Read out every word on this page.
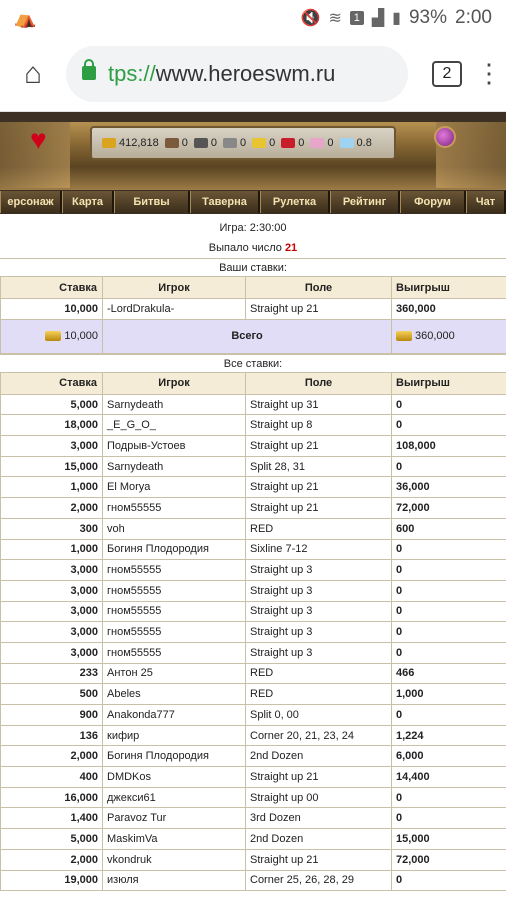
⛺	🔇 ≋	1 ▟ ▮ 93% 2:00
⌂	tps:// www.heroeswm.ru	2 ⋮
♥	412,818 0 0 0 0 0 0 0.8
ерсонаж	Карта	Битвы	Таверна	Рулетка	Рейтинг	Форум	Чат
Игра: 2:30:00
Выпало число 21
Ваши ставки:
Ставка	Игрок	Поле	Выигрыш
10,000	-LordDrakula-	Straight up 21	360,000
10,000	Всего		360,000
Все ставки:
Ставка	Игрок	Поле	Выигрыш
5,000	Sarnydeath	Straight up 31	0
18,000	_E_G_O_	Straight up 8	0
3,000	Подрыв-Устоев	Straight up 21	108,000
15,000	Sarnydeath	Split 28, 31	0
1,000	El Morya	Straight up 21	36,000
2,000	гном55555	Straight up 21	72,000
300	voh	RED	600
1,000	Богиня Плодородия	Sixline 7-12	0
3,000	гном55555	Straight up 3	0
3,000	гном55555	Straight up 3	0
3,000	гном55555	Straight up 3	0
3,000	гном55555	Straight up 3	0
3,000	гном55555	Straight up 3	0
233	Антон 25	RED	466
500	Abeles	RED	1,000
900	Anakonda777	Split 0, 00	0
136	кифир	Corner 20, 21, 23, 24	1,224
2,000	Богиня Плодородия	2nd Dozen	6,000
400	DMDKos	Straight up 21	14,400
16,000	джекси61	Straight up 00	0
1,400	Paravoz Tur	3rd Dozen	0
5,000	MaskimVa	2nd Dozen	15,000
2,000	vkondruk	Straight up 21	72,000
19,000	изюля	Corner 25, 26, 28, 29	0
